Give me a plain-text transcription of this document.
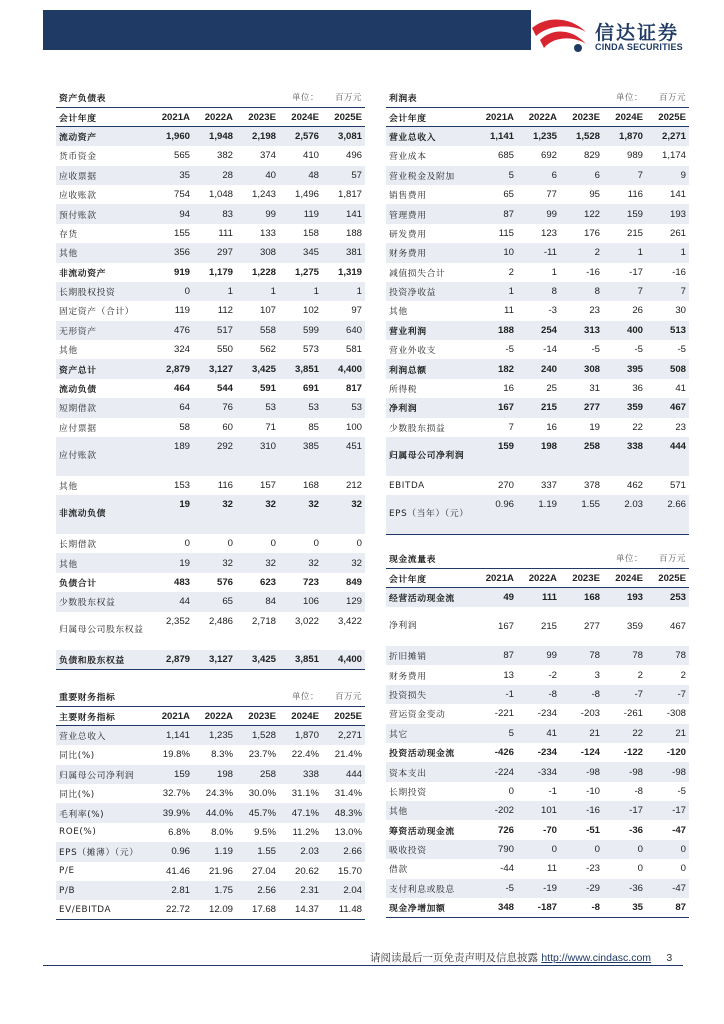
信达证券
CINDA SECURITIES
资产负债表				单位：	百万元
会计年度	2021A	2022A	2023E	2024E	2025E
流动资产	1,960	1,948	2,198	2,576	3,081
货币资金	565	382	374	410	496
应收票据	35	28	40	48	57
应收账款	754	1,048	1,243	1,496	1,817
预付账款	94	83	99	119	141
存货	155	111	133	158	188
其他	356	297	308	345	381
非流动资产	919	1,179	1,228	1,275	1,319
长期股权投资	0	1	1	1	1
固定资产（合计）	119	112	107	102	97
无形资产	476	517	558	599	640
其他	324	550	562	573	581
资产总计	2,879	3,127	3,425	3,851	4,400
流动负债	464	544	591	691	817
短期借款	64	76	53	53	53
应付票据	58	60	71	85	100
应付账款	189	292	310	385	451
其他	153	116	157	168	212
非流动负债	19	32	32	32	32
长期借款	0	0	0	0	0
其他	19	32	32	32	32
负债合计	483	576	623	723	849
少数股东权益	44	65	84	106	129
归属母公司股东权益	2,352	2,486	2,718	3,022	3,422
负债和股东权益	2,879	3,127	3,425	3,851	4,400
重要财务指标				单位：	百万元
主要财务指标	2021A	2022A	2023E	2024E	2025E
营业总收入	1,141	1,235	1,528	1,870	2,271
同比(%)	19.8%	8.3%	23.7%	22.4%	21.4%
归属母公司净利润	159	198	258	338	444
同比(%)	32.7%	24.3%	30.0%	31.1%	31.4%
毛利率(%)	39.9%	44.0%	45.7%	47.1%	48.3%
ROE(%)	6.8%	8.0%	9.5%	11.2%	13.0%
EPS（摊薄）（元）	0.96	1.19	1.55	2.03	2.66
P/E	41.46	21.96	27.04	20.62	15.70
P/B	2.81	1.75	2.56	2.31	2.04
EV/EBITDA	22.72	12.09	17.68	14.37	11.48
利润表				单位：	百万元
会计年度	2021A	2022A	2023E	2024E	2025E
营业总收入	1,141	1,235	1,528	1,870	2,271
营业成本	685	692	829	989	1,174
营业税金及附加	5	6	6	7	9
销售费用	65	77	95	116	141
管理费用	87	99	122	159	193
研发费用	115	123	176	215	261
财务费用	10	-11	2	1	1
减值损失合计	2	1	-16	-17	-16
投资净收益	1	8	8	7	7
其他	11	-3	23	26	30
营业利润	188	254	313	400	513
营业外收支	-5	-14	-5	-5	-5
利润总额	182	240	308	395	508
所得税	16	25	31	36	41
净利润	167	215	277	359	467
少数股东损益	7	16	19	22	23
归属母公司净利润	159	198	258	338	444
EBITDA	270	337	378	462	571
EPS（当年）（元）	0.96	1.19	1.55	2.03	2.66
现金流量表				单位：	百万元
会计年度	2021A	2022A	2023E	2024E	2025E
经营活动现金流	49	111	168	193	253
净利润	167	215	277	359	467
折旧摊销	87	99	78	78	78
财务费用	13	-2	3	2	2
投资损失	-1	-8	-8	-7	-7
营运资金变动	-221	-234	-203	-261	-308
其它	5	41	21	22	21
投资活动现金流	-426	-234	-124	-122	-120
资本支出	-224	-334	-98	-98	-98
长期投资	0	-1	-10	-8	-5
其他	-202	101	-16	-17	-17
筹资活动现金流	726	-70	-51	-36	-47
吸收投资	790	0	0	0	0
借款	-44	11	-23	0	0
支付利息或股息	-5	-19	-29	-36	-47
现金净增加额	348	-187	-8	35	87
请阅读最后一页免责声明及信息披露 http://www.cindasc.com 3
